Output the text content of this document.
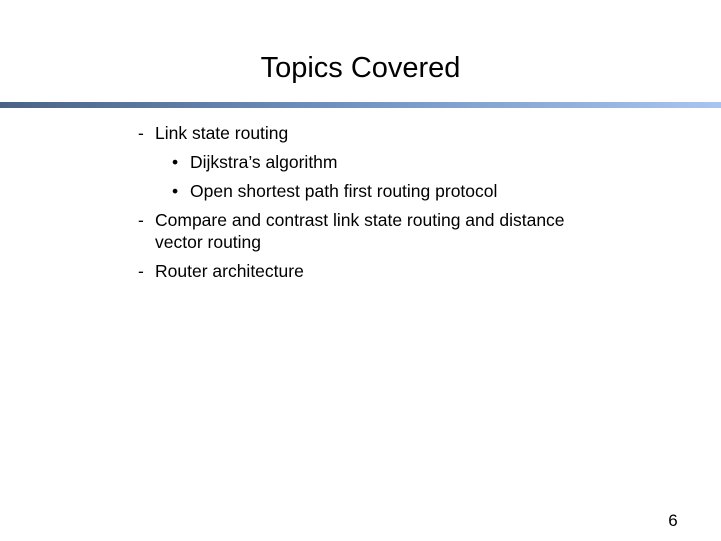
Topics Covered
- Link state routing
• Dijkstra’s algorithm
• Open shortest path first routing protocol
- Compare and contrast link state routing and distance
vector routing
- Router architecture
6
